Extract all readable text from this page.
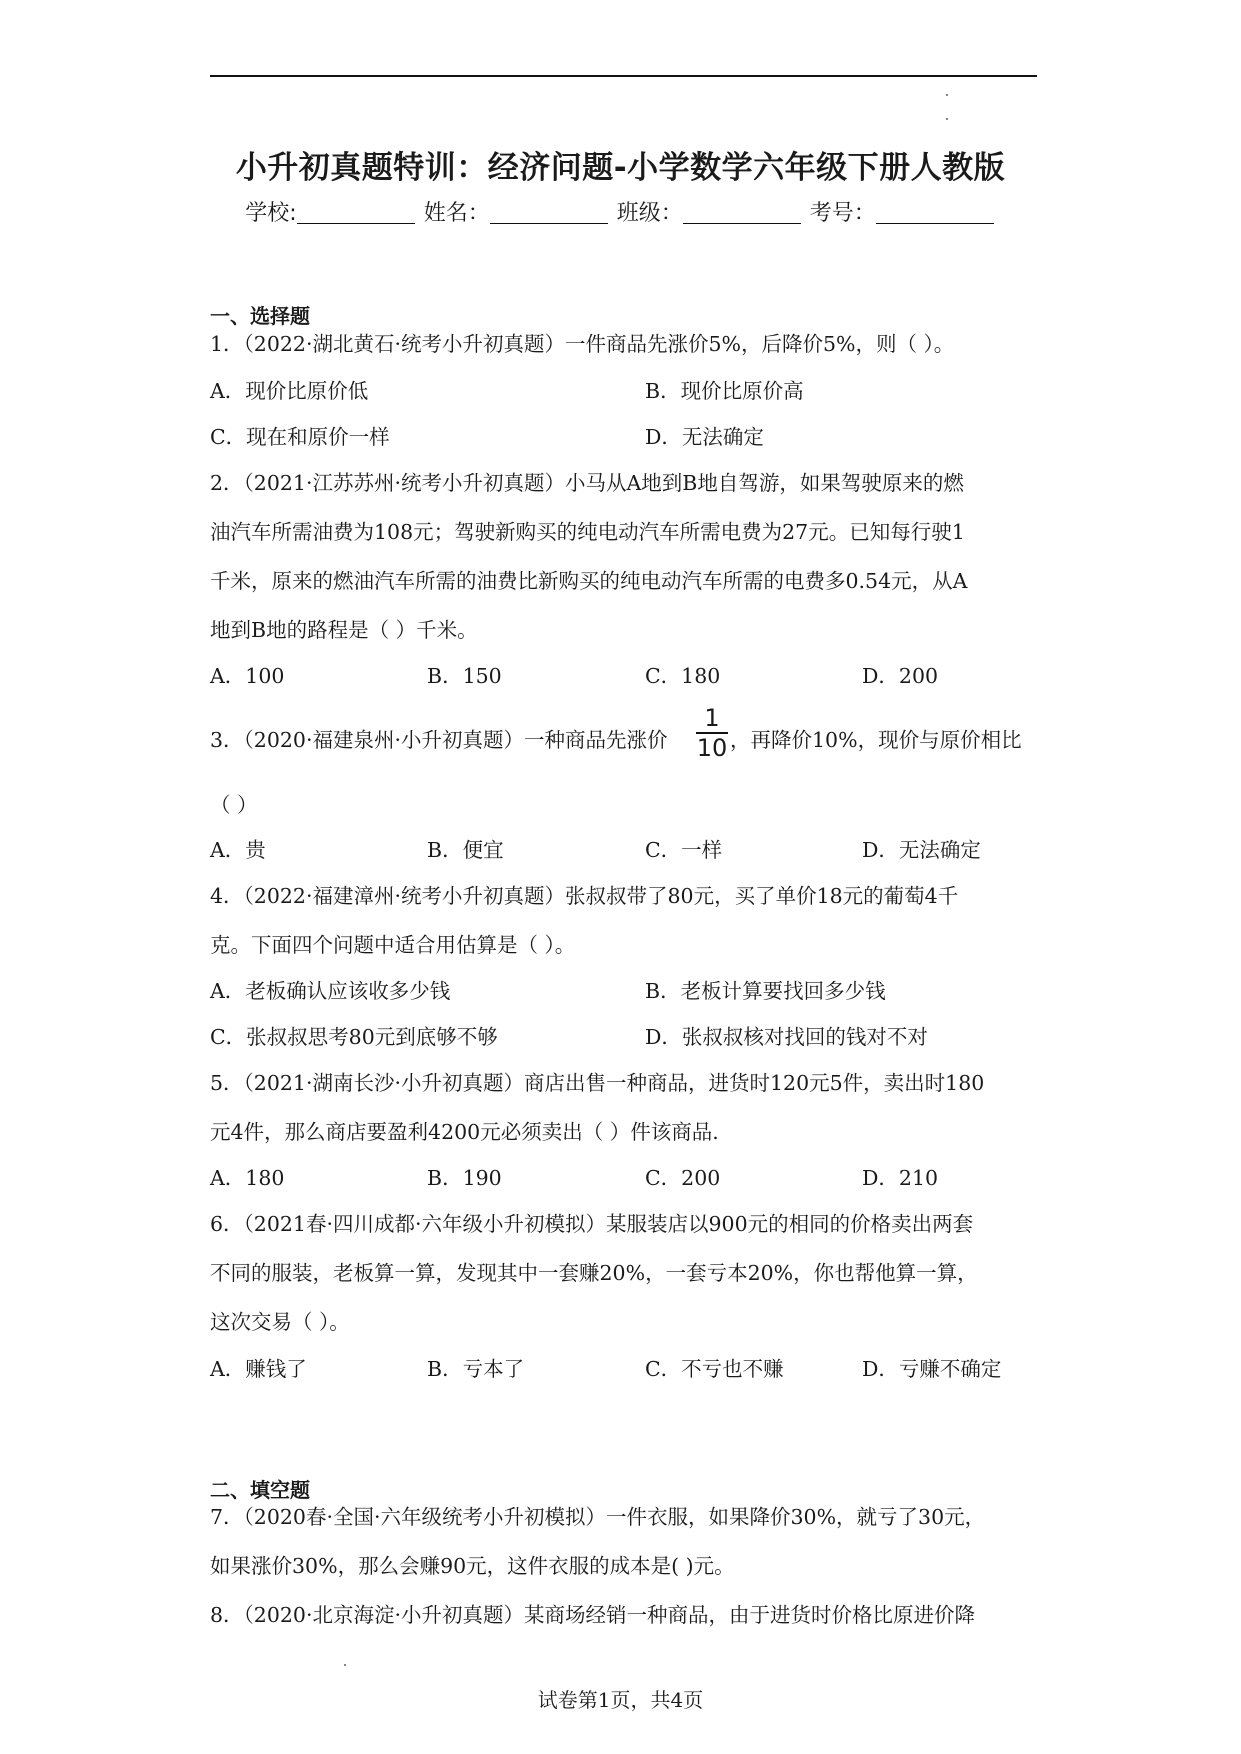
小升初真题特训：经济问题-小学数学六年级下册人教版
学校:	姓名：	班级：	考号：
一、选择题
1．（2022·湖北黄石·统考小升初真题）一件商品先涨价5%，后降价5%，则（ ）。
A．现价比原价低	B．现价比原价高
C．现在和原价一样	D．无法确定
2．（2021·江苏苏州·统考小升初真题）小马从A地到B地自驾游，如果驾驶原来的燃
油汽车所需油费为108元；驾驶新购买的纯电动汽车所需电费为27元。已知每行驶1
千米，原来的燃油汽车所需的油费比新购买的纯电动汽车所需的电费多0.54元，从A
地到B地的路程是（ ）千米。
A．100	B．150	C．180	D．200
3．（2020·福建泉州·小升初真题）一种商品先涨价
1
10 ，再降价10%，现价与原价相比
（ ）
A．贵	B．便宜	C．一样	D．无法确定
4．（2022·福建漳州·统考小升初真题）张叔叔带了80元，买了单价18元的葡萄4千
克。下面四个问题中适合用估算是（ ）。
A．老板确认应该收多少钱	B．老板计算要找回多少钱
C．张叔叔思考80元到底够不够	D．张叔叔核对找回的钱对不对
5．（2021·湖南长沙·小升初真题）商店出售一种商品，进货时120元5件，卖出时180
元4件，那么商店要盈利4200元必须卖出（ ）件该商品.
A．180	B．190	C．200	D．210
6．（2021春·四川成都·六年级小升初模拟）某服装店以900元的相同的价格卖出两套
不同的服装，老板算一算，发现其中一套赚20%，一套亏本20%，你也帮他算一算，
这次交易（ ）。
A．赚钱了	B．亏本了	C．不亏也不赚	D．亏赚不确定
二、填空题
7．（2020春·全国·六年级统考小升初模拟）一件衣服，如果降价30%，就亏了30元，
如果涨价30%，那么会赚90元，这件衣服的成本是( )元。
8．（2020·北京海淀·小升初真题）某商场经销一种商品，由于进货时价格比原进价降
试卷第1页，共4页
